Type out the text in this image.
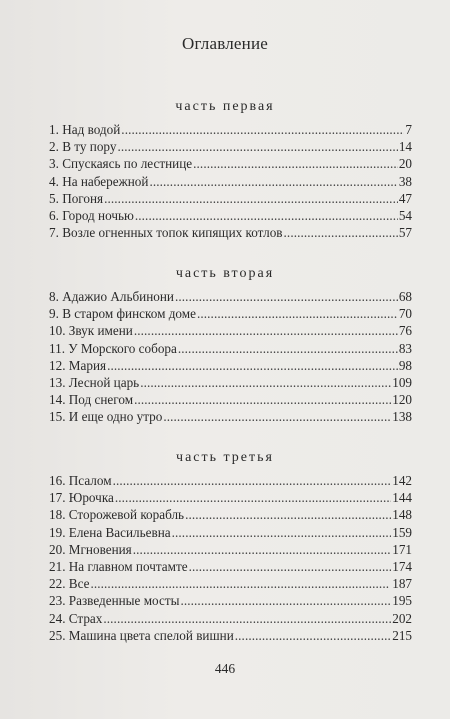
Оглавление
часть первая
1. Над водой . . .	7
2. В ту пору . . .	14
3. Спускаясь по лестнице . . .	20
4. На набережной . . .	38
5. Погоня . . .	47
6. Город ночью . . .	54
7. Возле огненных топок кипящих котлов . . .	57
часть вторая
8. Адажио Альбинони . . .	68
9. В старом финском доме . . .	70
10. Звук имени . . .	76
11. У Морского собора . . .	83
12. Мария . . .	98
13. Лесной царь . . .	109
14. Под снегом . . .	120
15. И еще одно утро . . .	138
часть третья
16. Псалом . . .	142
17. Юрочка . . .	144
18. Сторожевой корабль . . .	148
19. Елена Васильевна . . .	159
20. Мгновения . . .	171
21. На главном почтамте . . .	174
22. Все . . .	187
23. Разведенные мосты . . .	195
24. Страх . . .	202
25. Машина цвета спелой вишни . . .	215
446
